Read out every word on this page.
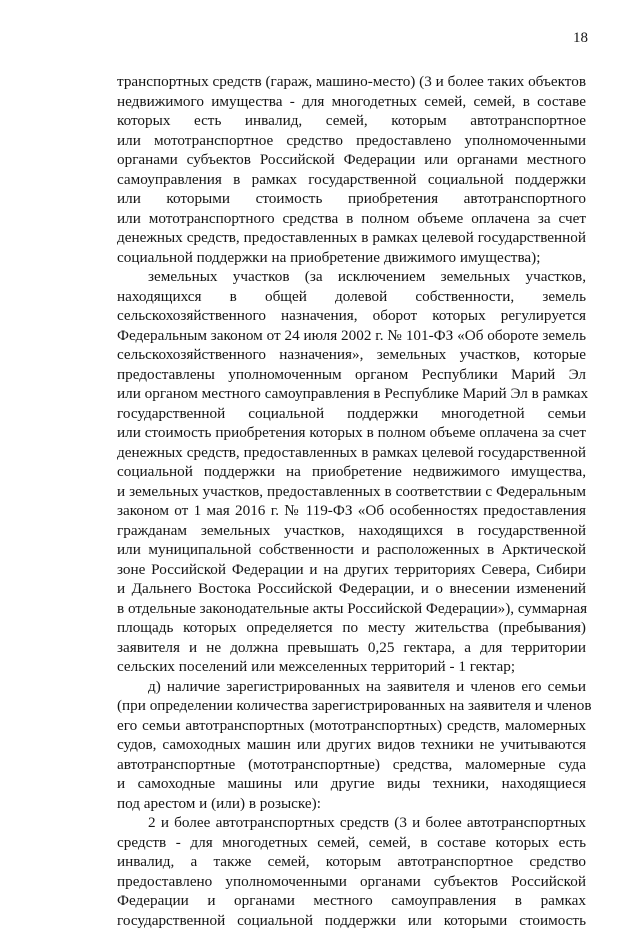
18
транспортных средств (гараж, машино-место) (3 и более таких объектов
недвижимого имущества - для многодетных семей, семей, в составе
которых есть инвалид, семей, которым автотранспортное
или мототранспортное средство предоставлено уполномоченными
органами субъектов Российской Федерации или органами местного
самоуправления в рамках государственной социальной поддержки
или которыми стоимость приобретения автотранспортного
или мототранспортного средства в полном объеме оплачена за счет
денежных средств, предоставленных в рамках целевой государственной
социальной поддержки на приобретение движимого имущества);
земельных участков (за исключением земельных участков,
находящихся в общей долевой собственности, земель
сельскохозяйственного назначения, оборот которых регулируется
Федеральным законом от 24 июля 2002 г. № 101-ФЗ «Об обороте земель
сельскохозяйственного назначения», земельных участков, которые
предоставлены уполномоченным органом Республики Марий Эл
или органом местного самоуправления в Республике Марий Эл в рамках
государственной социальной поддержки многодетной семьи
или стоимость приобретения которых в полном объеме оплачена за счет
денежных средств, предоставленных в рамках целевой государственной
социальной поддержки на приобретение недвижимого имущества,
и земельных участков, предоставленных в соответствии с Федеральным
законом от 1 мая 2016 г. № 119-ФЗ «Об особенностях предоставления
гражданам земельных участков, находящихся в государственной
или муниципальной собственности и расположенных в Арктической
зоне Российской Федерации и на других территориях Севера, Сибири
и Дальнего Востока Российской Федерации, и о внесении изменений
в отдельные законодательные акты Российской Федерации»), суммарная
площадь которых определяется по месту жительства (пребывания)
заявителя и не должна превышать 0,25 гектара, а для территории
сельских поселений или межселенных территорий - 1 гектар;
д) наличие зарегистрированных на заявителя и членов его семьи
(при определении количества зарегистрированных на заявителя и членов
его семьи автотранспортных (мототранспортных) средств, маломерных
судов, самоходных машин или других видов техники не учитываются
автотранспортные (мототранспортные) средства, маломерные суда
и самоходные машины или другие виды техники, находящиеся
под арестом и (или) в розыске):
2 и более автотранспортных средств (3 и более автотранспортных
средств - для многодетных семей, семей, в составе которых есть
инвалид, а также семей, которым автотранспортное средство
предоставлено уполномоченными органами субъектов Российской
Федерации и органами местного самоуправления в рамках
государственной социальной поддержки или которыми стоимость
